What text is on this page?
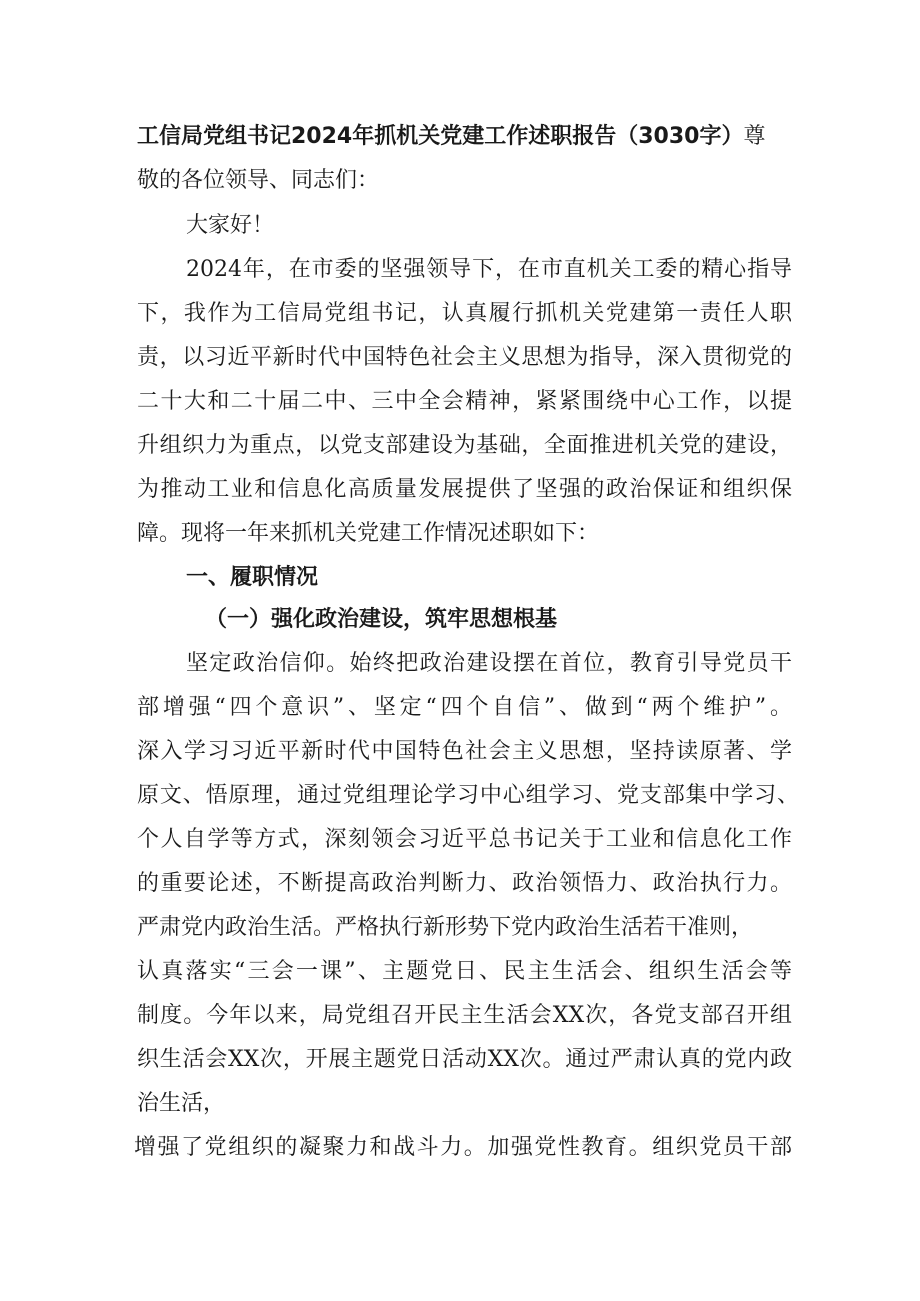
工信局党组书记2024年抓机关党建工作述职报告（3030字）尊
敬的各位领导、同志们：
大家好！
2024年，在市委的坚强领导下，在市直机关工委的精心指导
下，我作为工信局党组书记，认真履行抓机关党建第一责任人职
责，以习近平新时代中国特色社会主义思想为指导，深入贯彻党的
二十大和二十届二中、三中全会精神，紧紧围绕中心工作，以提
升组织力为重点，以党支部建设为基础，全面推进机关党的建设，
为推动工业和信息化高质量发展提供了坚强的政治保证和组织保
障。现将一年来抓机关党建工作情况述职如下：
一、履职情况
（一）强化政治建设，筑牢思想根基
坚定政治信仰。始终把政治建设摆在首位，教育引导党员干
部增强“四个意识”、坚定“四个自信”、做到“两个维护”。
深入学习习近平新时代中国特色社会主义思想，坚持读原著、学
原文、悟原理，通过党组理论学习中心组学习、党支部集中学习、
个人自学等方式，深刻领会习近平总书记关于工业和信息化工作
的重要论述，不断提高政治判断力、政治领悟力、政治执行力。
严肃党内政治生活。严格执行新形势下党内政治生活若干准则，
认真落实“三会一课”、主题党日、民主生活会、组织生活会等
制度。今年以来，局党组召开民主生活会XX次，各党支部召开组
织生活会XX次，开展主题党日活动XX次。通过严肃认真的党内政
治生活，
增强了党组织的凝聚力和战斗力。加强党性教育。组织党员干部
